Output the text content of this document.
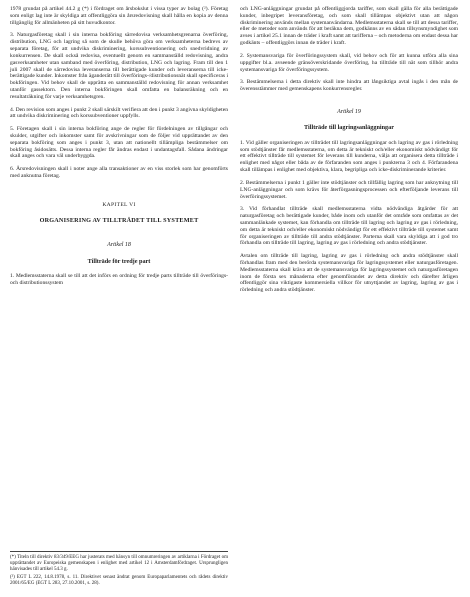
1978 grundat på artikel 44.2 g (*) i fördraget om årsbokslut i vissa typer av bolag (²). Företag som enligt lag inte är skyldiga att offentliggöra sin årsredovisning skall hålla en kopia av denna tillgänglig för allmänheten på sitt huvudkontor.

3. Naturgasföretag skall i sin interna bokföring särredovisa verksamhetsgrenarna överföring, distribution, LNG och lagring så som de skulle behöva göra om verksamheterna bedrevs av separata företag, för att undvika diskriminering, korssubventionering och snedvridning av konkurrensen. De skall också redovisa, eventuellt genom en sammanställd redovisning, andra gasverksamheter utan samband med överföring, distribution, LNG och lagring. Fram till den 1 juli 2007 skall de särredovisa leveranserna till berättigade kunder och leveranserna till icke-berättigade kunder. Inkomster från äganderätt till överförings-/distributionsnät skall specificeras i bokföringen. Vid behov skall de upprätta en sammanställd redovisning för annan verksamhet utanför gassektorn. Den interna bokföringen skall omfatta en balansräkning och en resultaträkning för varje verksamhetsgren.

4. Den revision som anges i punkt 2 skall särskilt verifiera att den i punkt 3 angivna skyldigheten att undvika diskriminering och korssubventioner uppfylls.

5. Företagen skall i sin interna bokföring ange de regler för fördelningen av tillgångar och skulder, utgifter och inkomster samt för avskrivningar som de följer vid upprättandet av den separata bokföring som anges i punkt 3, utan att nationellt tillämpliga bestämmelser om bokföring åsidosätts. Dessa interna regler får ändras endast i undantagsfall. Sådana ändringar skall anges och vara väl underbyggda.

6. Årsredovisningen skall i noter ange alla transaktioner av en viss storlek som har genomförts med anknutna företag.

KAPITEL VI

ORGANISERING AV TILLTRÄDET TILL SYSTEMET

Artikel 18

Tillträde för tredje part

1. Medlemsstaterna skall se till att det införs en ordning för tredje parts tillträde till överförings- och distributionssystem

(*) Titeln till direktiv 83/349/EEG har justerats med hänsyn till omnumreringen av artiklarna i Fördraget om upprättandet av Europeiska gemenskapen i enlighet med artikel 12 i Amsterdamfördraget. Ursprungligen hänvisades till artikel 54.3 g.

(²) EGT L 222, 14.8.1978, s. 11. Direktivet senast ändrat genom Europaparlamentets och rådets direktiv 2001/65/EG (EGT L 283, 27.10.2001, s. 28).

och LNG-anläggningar grundat på offentliggjorda tariffer, som skall gälla för alla berättigade kunder, inbegripet leveransföretag, och som skall tillämpas objektivt utan att någon diskriminering används mellan systemanvändarna. Medlemsstaterna skall se till att dessa tariffer, eller de metoder som används för att beräkna dem, godkänns av en sådan tillsynsmyndighet som avses i artikel 25.1 innan de träder i kraft samt att tarifferna – och metoderna om endast dessa har godkänts – offentliggörs innan de träder i kraft.

2. Systemansvariga för överföringssystem skall, vid behov och för att kunna utföra alla sina uppgifter bl.a. avseende gränsöverskridande överföring, ha tillträde till nät som tillhör andra systemansvariga för överföringssystem.

3. Bestämmelserna i detta direktiv skall inte hindra att långsiktiga avtal ingås i den mån de överensstämmer med gemenskapens konkurrensregler.

Artikel 19

Tillträde till lagringsanläggningar

1. Vid gäller organiseringen av tillträdet till lagringsanläggningar och lagring av gas i rörledning som stödtjänster får medlemsstaterna, om detta är tekniskt och/eller ekonomiskt nödvändigt för ett effektivt tillträde till systemet för leverans till kunderna, välja att organisera detta tillträde i enlighet med något eller båda av de förfaranden som anges i punkterna 3 och 4. Förfarandena skall tillämpas i enlighet med objektiva, klara, begripliga och icke-diskriminerande kriterier.

2. Bestämmelserna i punkt 1 gäller inte stödtjänster och tillfällig lagring som har anknytning till LNG-anläggningar och som krävs för återförgasningsprocessen och efterföljande leverans till överföringssystemet.

3. Vid förhandlat tillträde skall medlemsstaterna vidta nödvändiga åtgärder för att naturgasföretag och berättigade kunder, både inom och utanför det område som omfattas av det sammanlänkade systemet, kan förhandla om tillträde till lagring och lagring av gas i rörledning, om detta är tekniskt och/eller ekonomiskt nödvändigt för ett effektivt tillträde till systemet samt för organiseringen av tillträde till andra stödtjänster. Parterna skall vara skyldiga att i god tro förhandla om tillträde till lagring, lagring av gas i rörledning och andra stödtjänster.

Avtalen om tillträde till lagring, lagring av gas i rörledning och andra stödtjänster skall förhandlas fram med den berörda systemansvariga för lagringssystemet eller naturgasföretagen. Medlemsstaterna skall kräva att de systemansvariga för lagringssystemet och naturgasföretagen inom de första sex månaderna efter genomförandet av detta direktiv och därefter årligen offentliggör sina viktigaste kommersiella villkor för utnyttjandet av lagring, lagring av gas i rörledning och andra stödtjänster.
